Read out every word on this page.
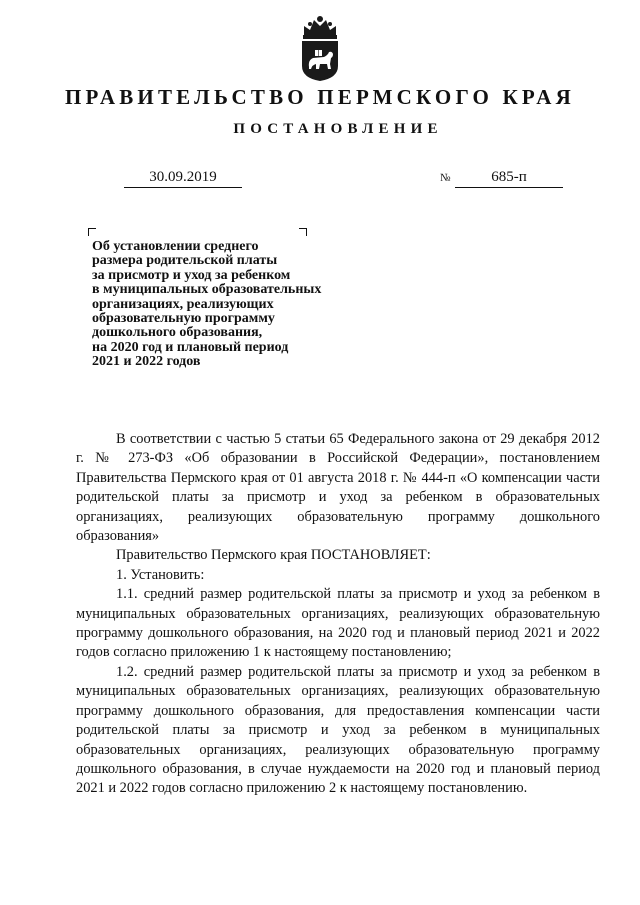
ПРАВИТЕЛЬСТВО ПЕРМСКОГО КРАЯ
ПОСТАНОВЛЕНИЕ
30.09.2019	№	685-п
Об установлении среднего
размера родительской платы
за присмотр и уход за ребенком
в муниципальных образовательных
организациях, реализующих
образовательную программу
дошкольного образования,
на 2020 год и плановый период
2021 и 2022 годов

В соответствии с частью 5 статьи 65 Федерального закона от 29 декабря 2012 г. № 273-ФЗ «Об образовании в Российской Федерации», постановлением Правительства Пермского края от 01 августа 2018 г. № 444-п «О компенсации части родительской платы за присмотр и уход за ребенком в образовательных организациях, реализующих образовательную программу дошкольного образования»

Правительство Пермского края ПОСТАНОВЛЯЕТ:

1. Установить:

1.1. средний размер родительской платы за присмотр и уход за ребенком в муниципальных образовательных организациях, реализующих образовательную программу дошкольного образования, на 2020 год и плановый период 2021 и 2022 годов согласно приложению 1 к настоящему постановлению;

1.2. средний размер родительской платы за присмотр и уход за ребенком в муниципальных образовательных организациях, реализующих образовательную программу дошкольного образования, для предоставления компенсации части родительской платы за присмотр и уход за ребенком в муниципальных образовательных организациях, реализующих образовательную программу дошкольного образования, в случае нуждаемости на 2020 год и плановый период 2021 и 2022 годов согласно приложению 2 к настоящему постановлению.
